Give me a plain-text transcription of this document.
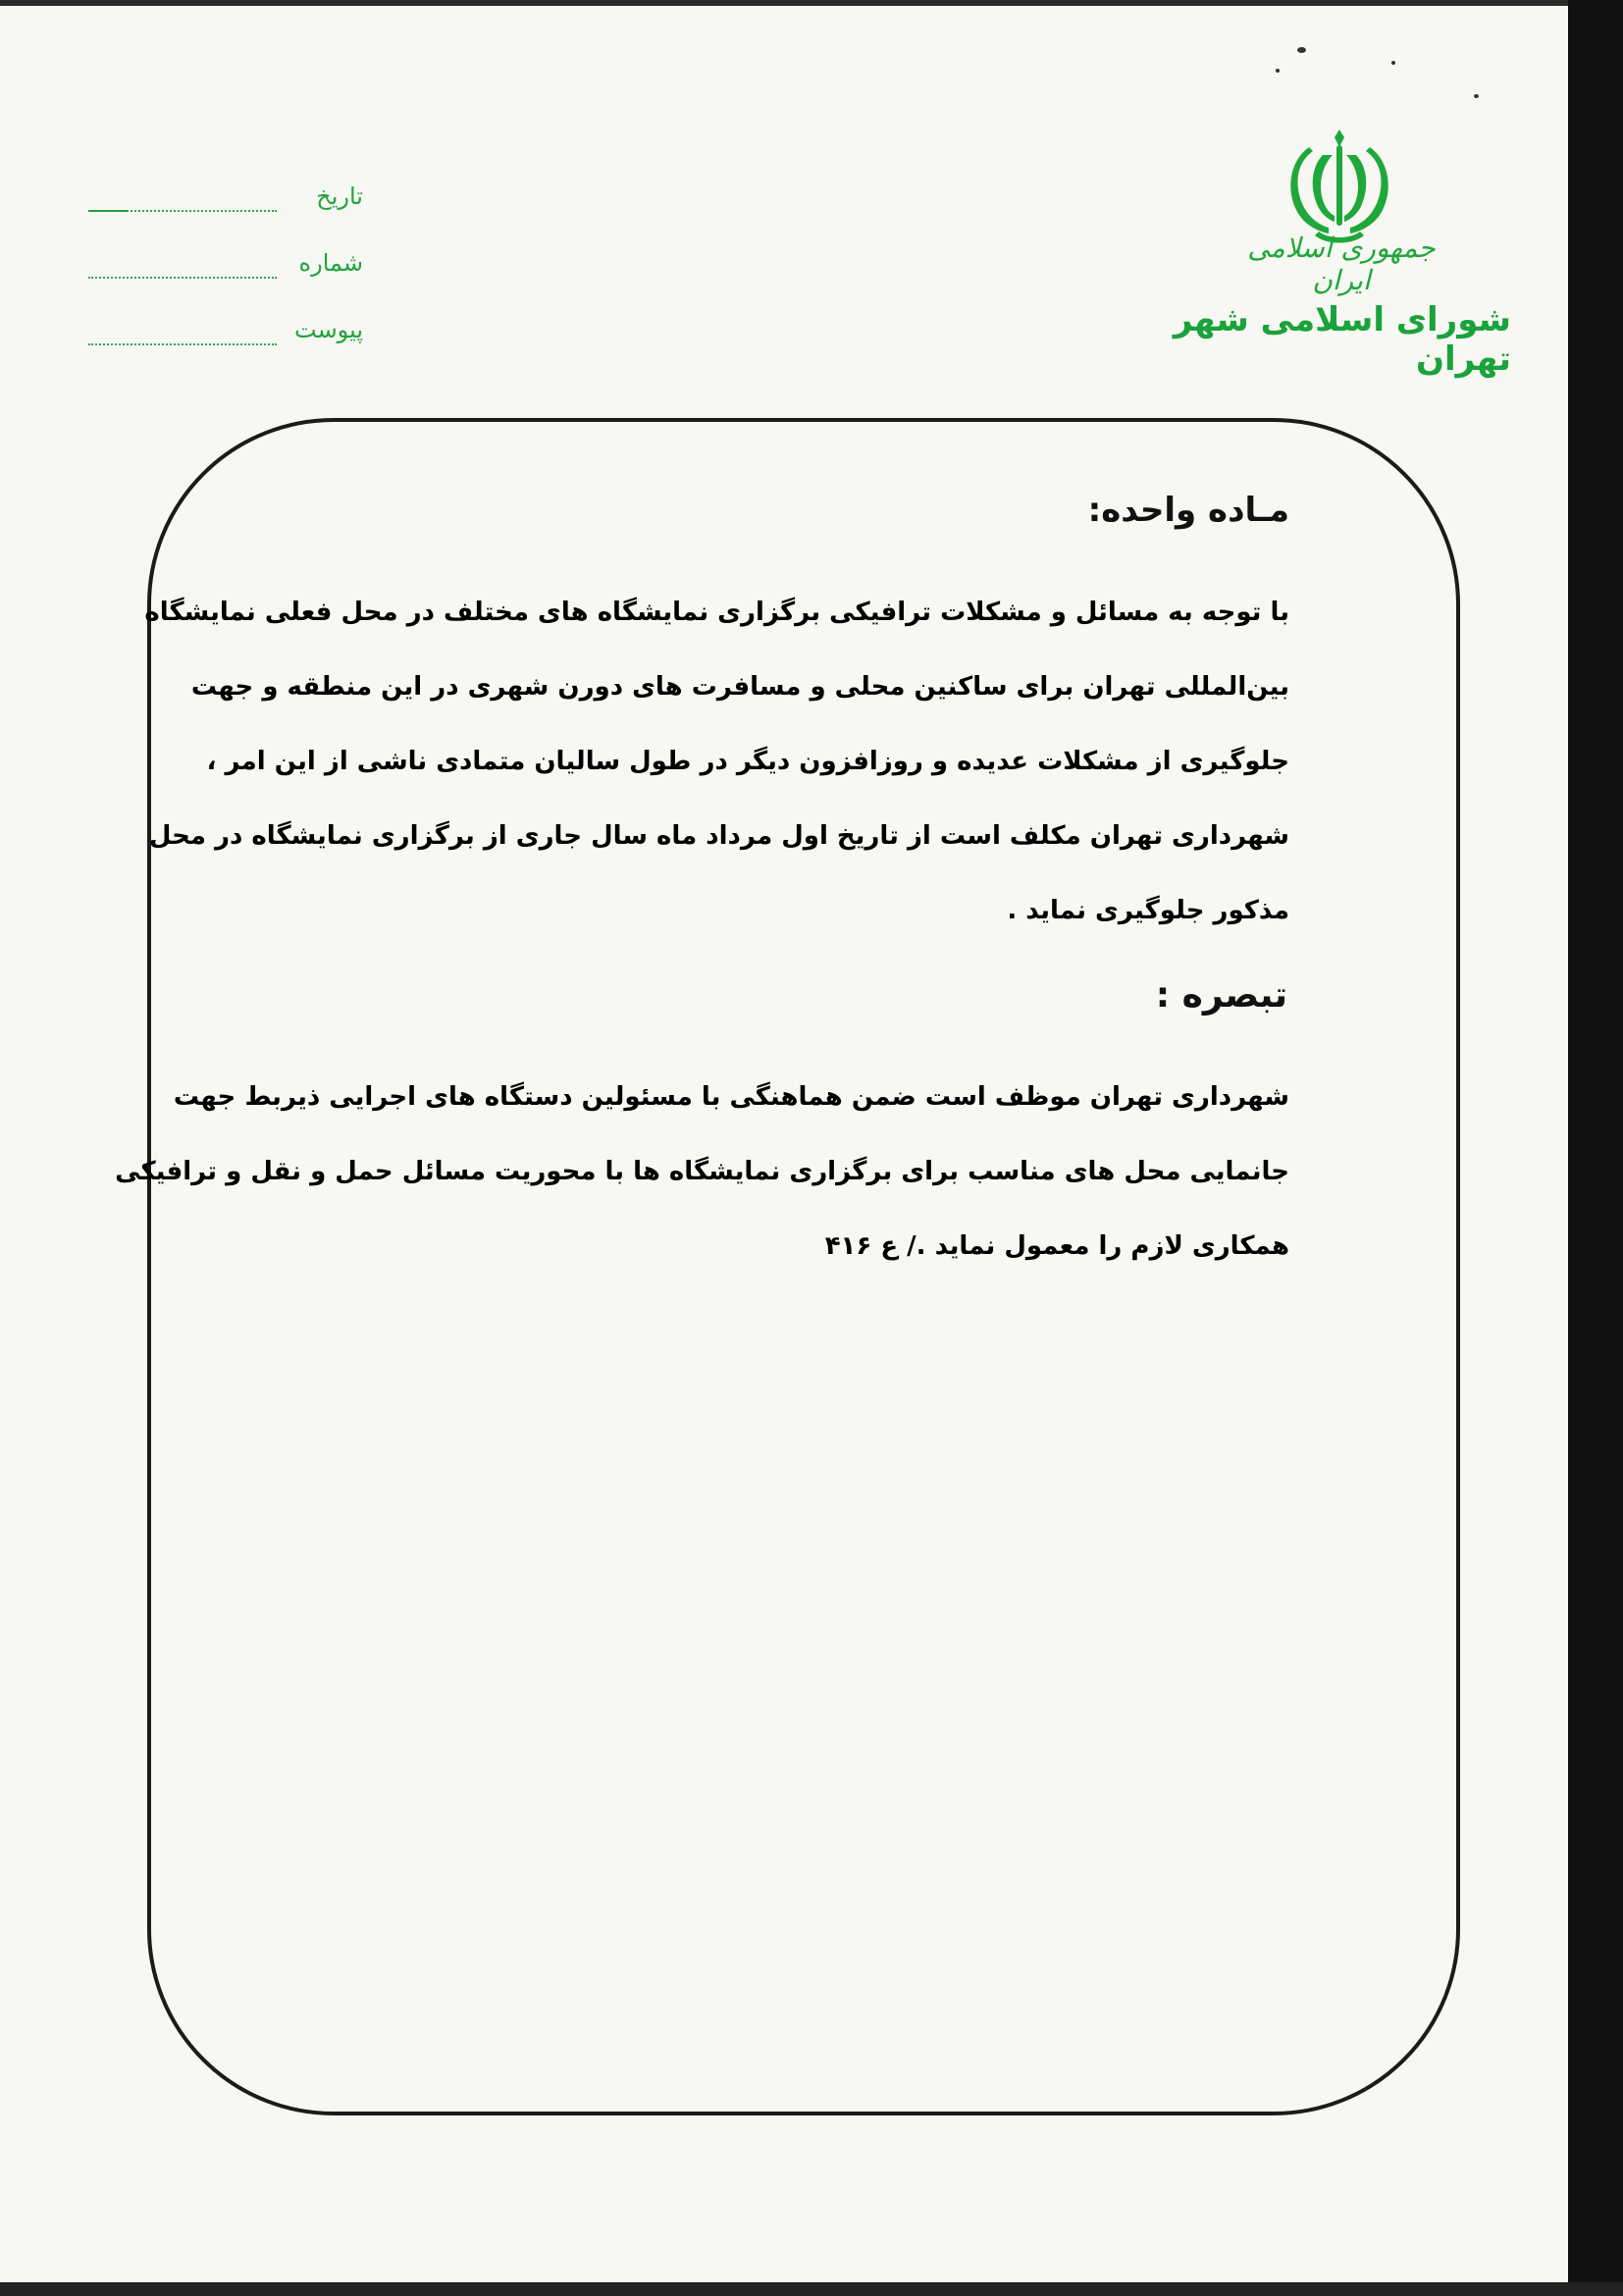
جمهوری اسلامی ایران
شورای اسلامی شهر تهران
تاریخ
شماره
پیوست
مـاده واحده:
با توجه به مسائل و مشکلات ترافیکی برگزاری نمایشگاه های مختلف در محل فعلی نمایشگاه
بین‌المللی تهران برای ساکنین محلی و مسافرت های دورن شهری در این منطقه و جهت
جلوگیری از مشکلات عدیده و روزافزون دیگر در طول سالیان متمادی ناشی از این امر ،
شهرداری تهران مکلف است از تاریخ اول مرداد ماه سال جاری از برگزاری نمایشگاه در محل
مذکور جلوگیری نماید .
تبصره :
شهرداری تهران موظف است ضمن هماهنگی با مسئولین دستگاه های اجرایی ذیربط جهت
جانمایی محل های مناسب برای برگزاری نمایشگاه ها با محوریت مسائل حمل و نقل و ترافیکی
همکاری لازم را معمول نماید ./ ع ۴۱۶
